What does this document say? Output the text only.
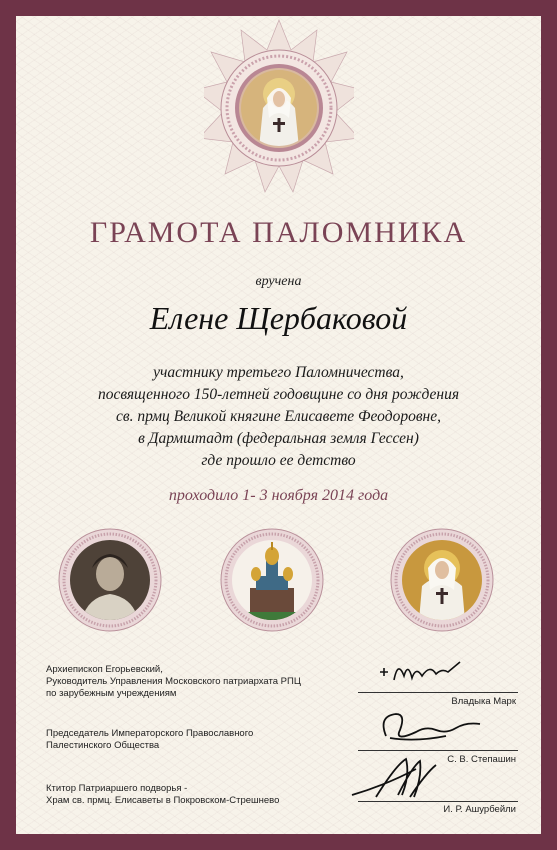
ГРАМОТА ПАЛОМНИКА
вручена
Елене Щербаковой
участнику третьего Паломничества,
посвященного 150-летней годовщине со дня рождения
св. прмц Великой княгине Елисавете Феодоровне,
в Дармштадт (федеральная земля Гессен)
где прошло ее детство
проходило 1- 3 ноября 2014 года
Архиепископ Егорьевский,
Руководитель Управления Московского патриархата РПЦ
по зарубежным учреждениям
Владыка Марк
Председатель Императорского Православного
Палестинского Общества
С. В. Степашин
Ктитор Патриаршего подворья -
Храм св. прмц. Елисаветы в Покровском-Стрешнево
И. Р. Ашурбейли
